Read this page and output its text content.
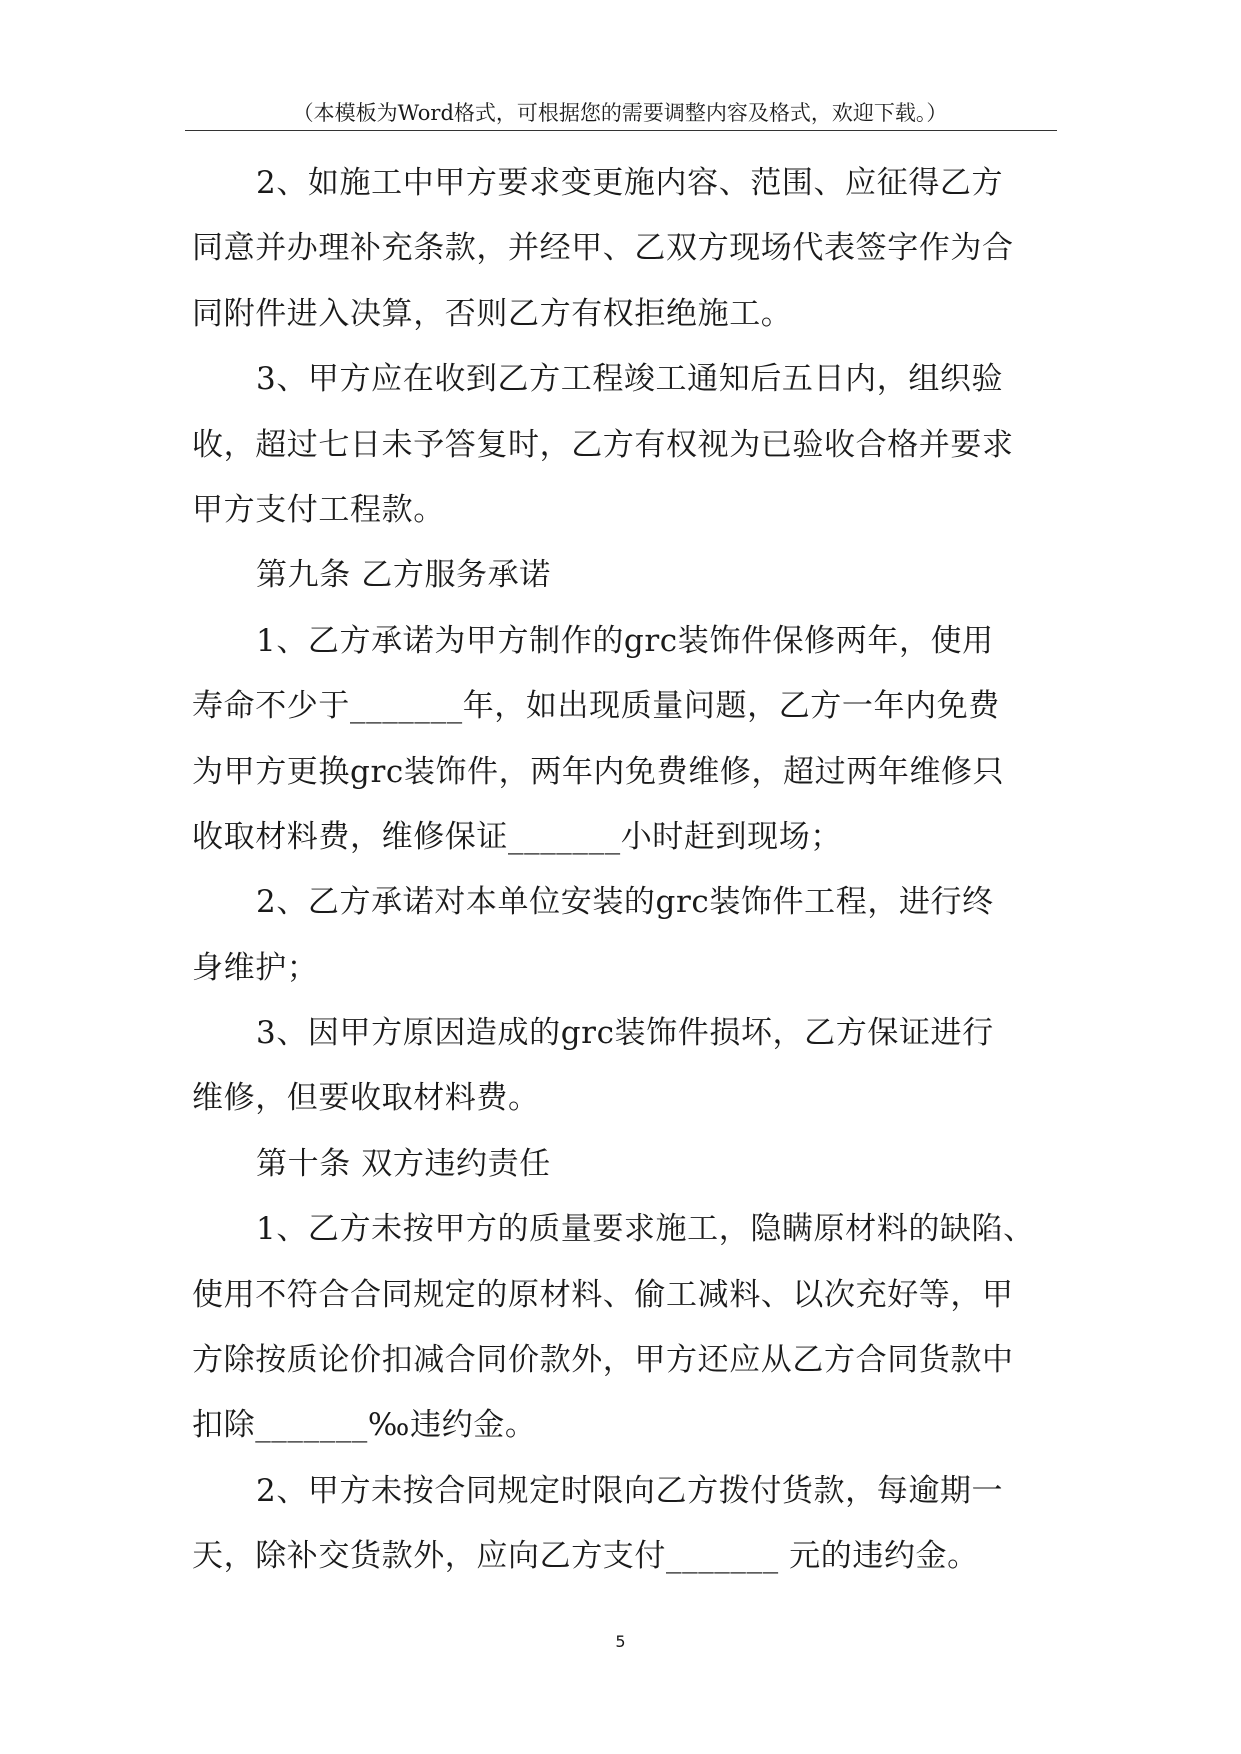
（本模板为Word格式，可根据您的需要调整内容及格式，欢迎下载。）
2、如施工中甲方要求变更施内容、范围、应征得乙方
同意并办理补充条款，并经甲、乙双方现场代表签字作为合
同附件进入决算，否则乙方有权拒绝施工。
3、甲方应在收到乙方工程竣工通知后五日内，组织验
收，超过七日未予答复时，乙方有权视为已验收合格并要求
甲方支付工程款。
第九条 乙方服务承诺
1、乙方承诺为甲方制作的grc装饰件保修两年，使用
寿命不少于_______年，如出现质量问题，乙方一年内免费
为甲方更换grc装饰件，两年内免费维修，超过两年维修只
收取材料费，维修保证_______小时赶到现场；
2、乙方承诺对本单位安装的grc装饰件工程，进行终
身维护；
3、因甲方原因造成的grc装饰件损坏，乙方保证进行
维修，但要收取材料费。
第十条 双方违约责任
1、乙方未按甲方的质量要求施工，隐瞒原材料的缺陷、
使用不符合合同规定的原材料、偷工减料、以次充好等，甲
方除按质论价扣减合同价款外，甲方还应从乙方合同货款中
扣除_______‰违约金。
2、甲方未按合同规定时限向乙方拨付货款，每逾期一
天，除补交货款外，应向乙方支付_______ 元的违约金。
5
